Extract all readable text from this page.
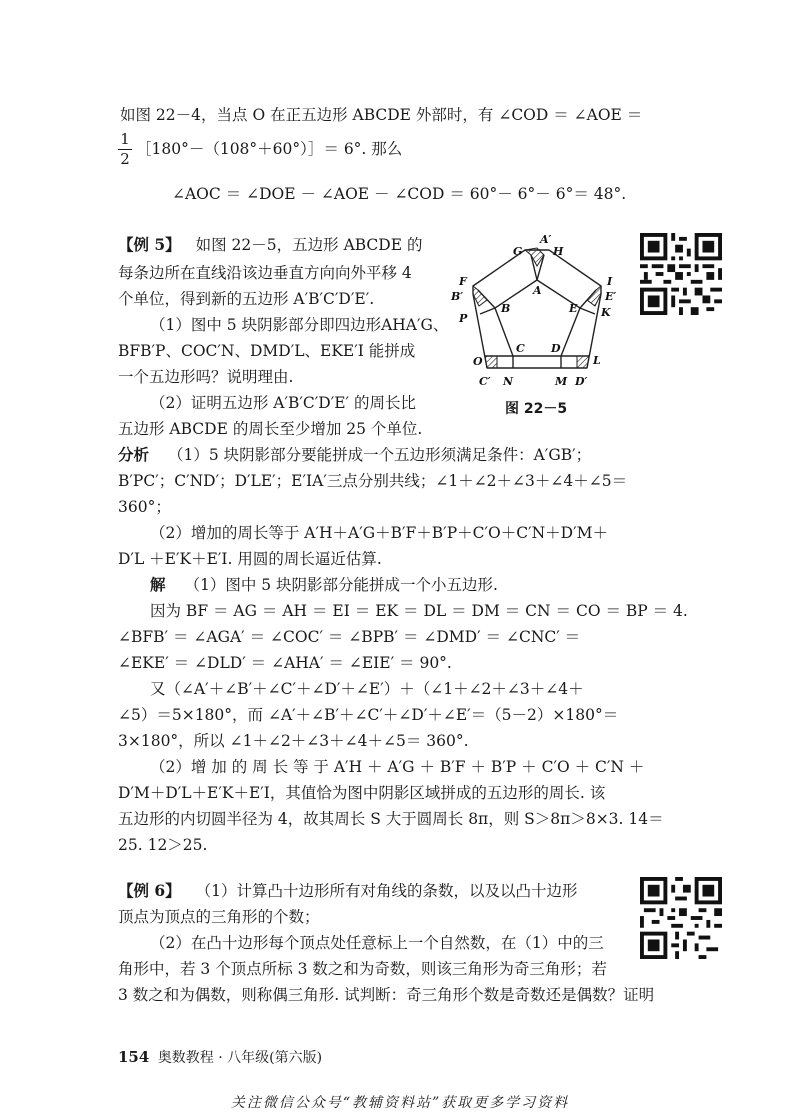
如图 22－4，当点 O 在正五边形 ABCDE 外部时，有 ∠COD ＝ ∠AOE ＝
1
2
［180°－（108°＋60°）］＝ 6°. 那么
∠AOC ＝ ∠DOE － ∠AOE － ∠COD ＝ 60°－ 6°－ 6°＝ 48°.
【例 5】 如图 22－5，五边形 ABCDE 的
每条边所在直线沿该边垂直方向向外平移 4
个单位，得到新的五边形 A′B′C′D′E′.
（1）图中 5 块阴影部分即四边形AHA′G、
BFB′P、COC′N、DMD′L、EKE′I 能拼成
一个五边形吗？说明理由.
（2）证明五边形 A′B′C′D′E′ 的周长比
五边形 ABCDE 的周长至少增加 25 个单位.
A′
H
G
A
F	I
B′
B	E
E′
K
P
C D
L
O
C′ N	M D′
图 22－5
分析 （1）5 块阴影部分要能拼成一个五边形须满足条件：A′GB′；
B′PC′；C′ND′；D′LE′；E′IA′三点分别共线；∠1＋∠2＋∠3＋∠4＋∠5＝
360°；
（2）增加的周长等于 A′H＋A′G＋B′F＋B′P＋C′O＋C′N＋D′M＋
D′L ＋E′K＋E′I. 用圆的周长逼近估算.
解 （1）图中 5 块阴影部分能拼成一个小五边形.
因为 BF ＝ AG ＝ AH ＝ EI ＝ EK ＝ DL ＝ DM ＝ CN ＝ CO ＝ BP ＝ 4.
∠BFB′ ＝ ∠AGA′ ＝ ∠COC′ ＝ ∠BPB′ ＝ ∠DMD′ ＝ ∠CNC′ ＝
∠EKE′ ＝ ∠DLD′ ＝ ∠AHA′ ＝ ∠EIE′ ＝ 90°.
又（∠A′＋∠B′＋∠C′＋∠D′＋∠E′）＋（∠1＋∠2＋∠3＋∠4＋
∠5）＝5×180°，而 ∠A′＋∠B′＋∠C′＋∠D′＋∠E′＝（5－2）×180°＝
3×180°，所以 ∠1＋∠2＋∠3＋∠4＋∠5＝ 360°.
（2）增 加 的 周 长 等 于 A′H ＋ A′G ＋ B′F ＋ B′P ＋ C′O ＋ C′N ＋
D′M＋D′L＋E′K＋E′I，其值恰为图中阴影区域拼成的五边形的周长. 该
五边形的内切圆半径为 4，故其周长 S 大于圆周长 8π，则 S＞8π＞8×3. 14＝
25. 12＞25.
【例 6】 （1）计算凸十边形所有对角线的条数，以及以凸十边形
顶点为顶点的三角形的个数；
（2）在凸十边形每个顶点处任意标上一个自然数，在（1）中的三
角形中，若 3 个顶点所标 3 数之和为奇数，则该三角形为奇三角形；若
3 数之和为偶数，则称偶三角形. 试判断：奇三角形个数是奇数还是偶数？证明
154 奥数教程 · 八年级(第六版)
关注微信公众号“教辅资料站”获取更多学习资料
